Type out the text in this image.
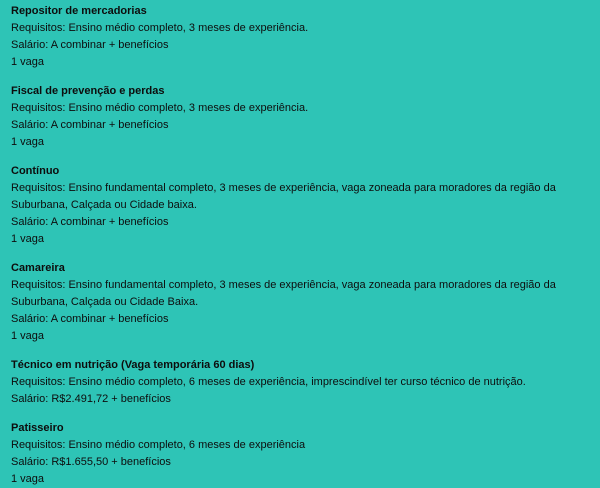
Repositor de mercadorias

Requisitos: Ensino médio completo, 3 meses de experiência.

Salário: A combinar + benefícios

1 vaga

Fiscal de prevenção e perdas

Requisitos: Ensino médio completo, 3 meses de experiência.

Salário: A combinar + benefícios

1 vaga

Contínuo

Requisitos: Ensino fundamental completo, 3 meses de experiência, vaga zoneada para moradores da região da Suburbana, Calçada ou Cidade baixa.

Salário: A combinar + benefícios

1 vaga

Camareira

Requisitos: Ensino fundamental completo, 3 meses de experiência, vaga zoneada para moradores da região da Suburbana, Calçada ou Cidade Baixa.

Salário: A combinar + benefícios

1 vaga

Técnico em nutrição (Vaga temporária 60 dias)

Requisitos: Ensino médio completo, 6 meses de experiência, imprescindível ter curso técnico de nutrição.

Salário: R$2.491,72 + benefícios

Patisseiro

Requisitos: Ensino médio completo, 6 meses de experiência

Salário: R$1.655,50 + benefícios

1 vaga
